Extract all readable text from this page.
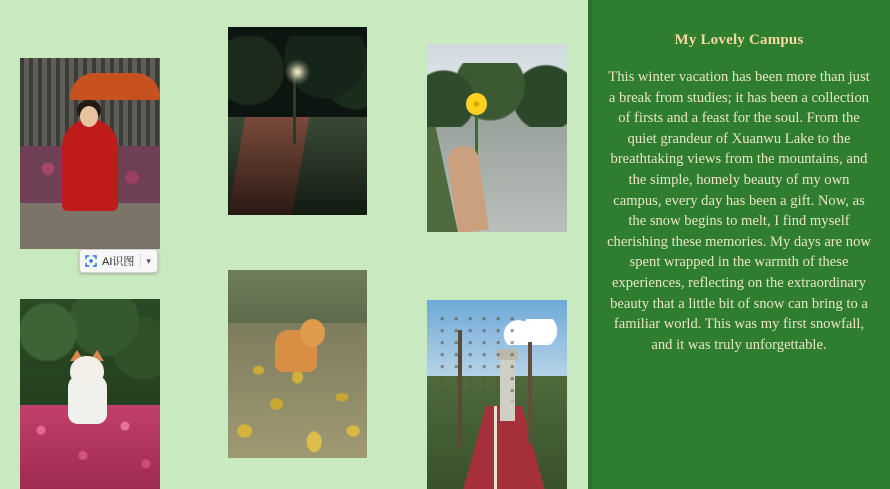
AI识图 ▾
My Lovely Campus
This winter vacation has been more than just a break from studies; it has been a collection of firsts and a feast for the soul. From the quiet grandeur of Xuanwu Lake to the breathtaking views from the mountains, and the simple, homely beauty of my own campus, every day has been a gift. Now, as the snow begins to melt, I find myself cherishing these memories. My days are now spent wrapped in the warmth of these experiences, reflecting on the extraordinary beauty that a little bit of snow can bring to a familiar world. This was my first snowfall, and it was truly unforgettable.
